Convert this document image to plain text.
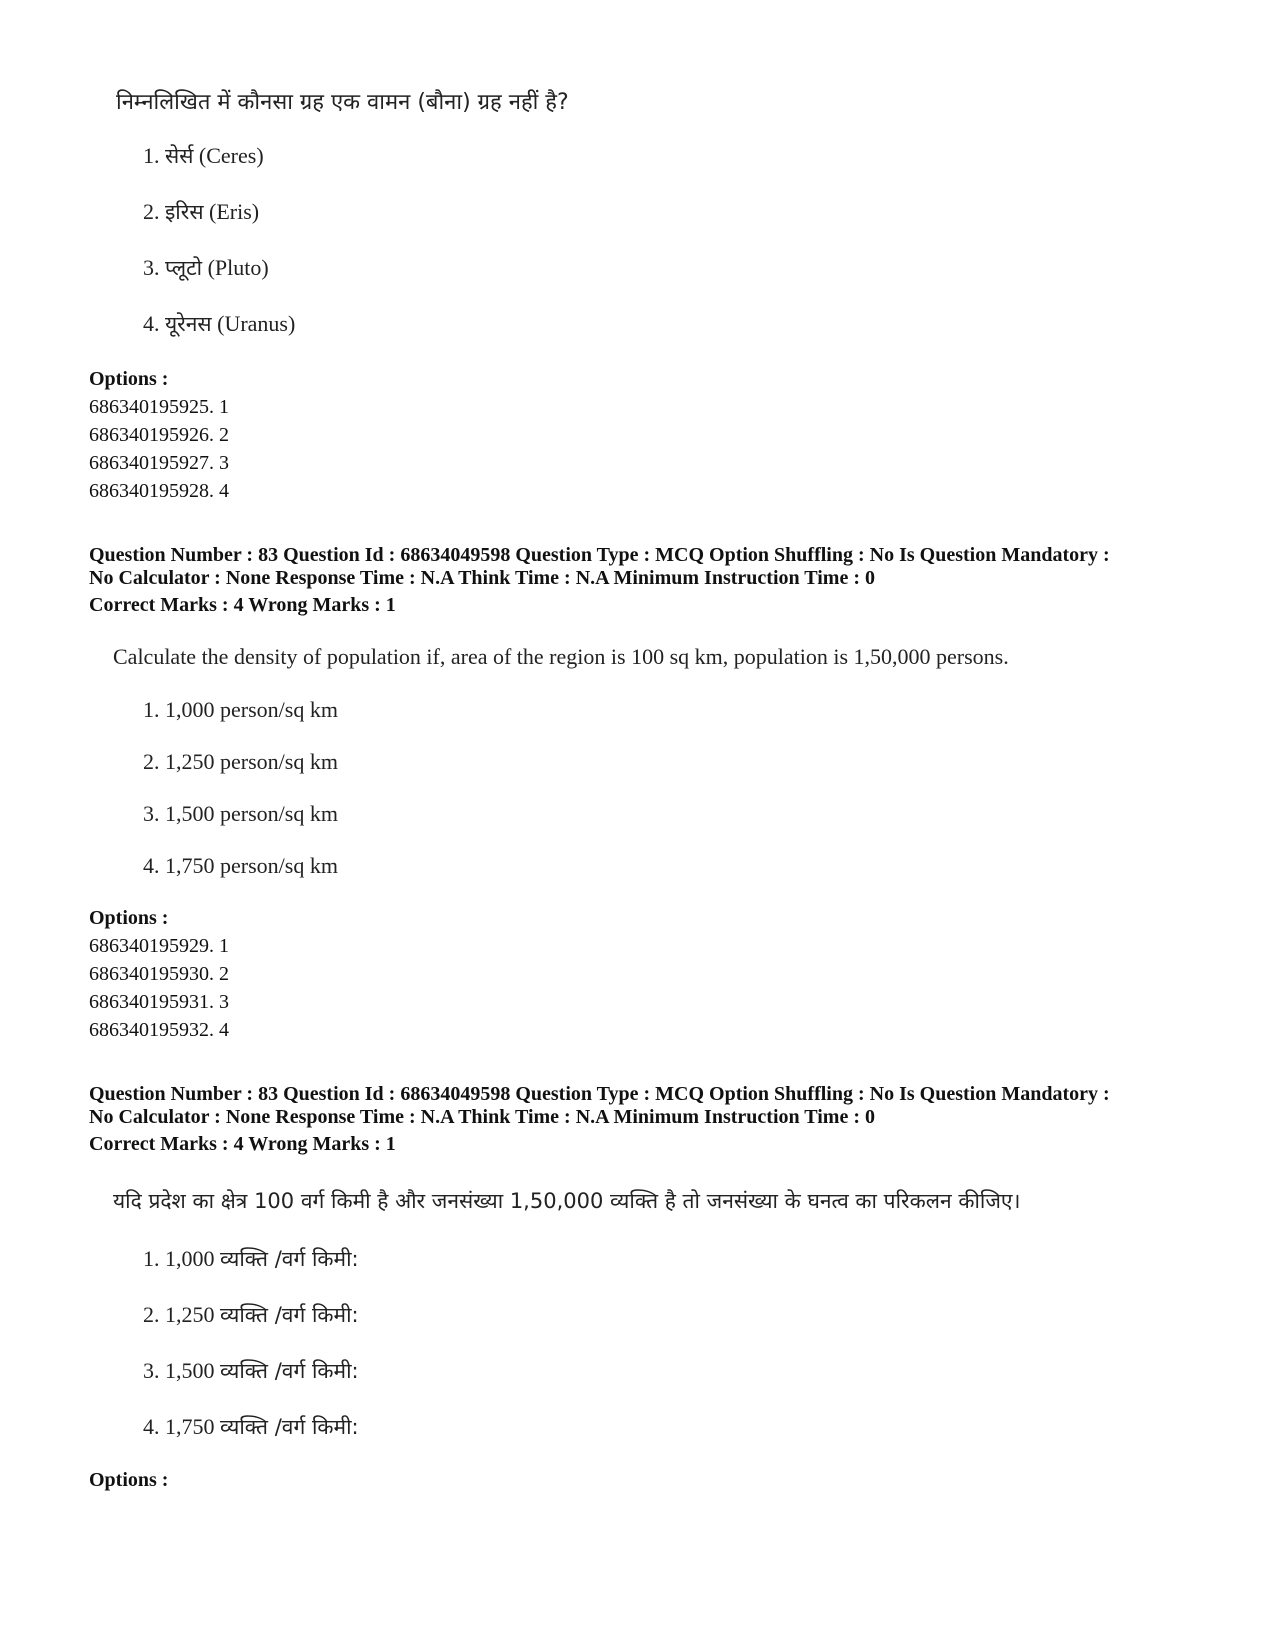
निम्नलिखित में कौनसा ग्रह एक वामन (बौना) ग्रह नहीं है?
1. सेर्स (Ceres)
2. इरिस (Eris)
3. प्लूटो (Pluto)
4. यूरेनस (Uranus)
Options :
686340195925. 1
686340195926. 2
686340195927. 3
686340195928. 4
Question Number : 83 Question Id : 68634049598 Question Type : MCQ Option Shuffling : No Is Question Mandatory :
No Calculator : None Response Time : N.A Think Time : N.A Minimum Instruction Time : 0
Correct Marks : 4 Wrong Marks : 1
Calculate the density of population if, area of the region is 100 sq km, population is 1,50,000 persons.
1. 1,000 person/sq km
2. 1,250 person/sq km
3. 1,500 person/sq km
4. 1,750 person/sq km
Options :
686340195929. 1
686340195930. 2
686340195931. 3
686340195932. 4
Question Number : 83 Question Id : 68634049598 Question Type : MCQ Option Shuffling : No Is Question Mandatory :
No Calculator : None Response Time : N.A Think Time : N.A Minimum Instruction Time : 0
Correct Marks : 4 Wrong Marks : 1
यदि प्रदेश का क्षेत्र 100 वर्ग किमी है और जनसंख्या 1,50,000 व्यक्ति है तो जनसंख्या के घनत्व का परिकलन कीजिए।
1. 1,000 व्यक्ति /वर्ग किमी:
2. 1,250 व्यक्ति /वर्ग किमी:
3. 1,500 व्यक्ति /वर्ग किमी:
4. 1,750 व्यक्ति /वर्ग किमी:
Options :
